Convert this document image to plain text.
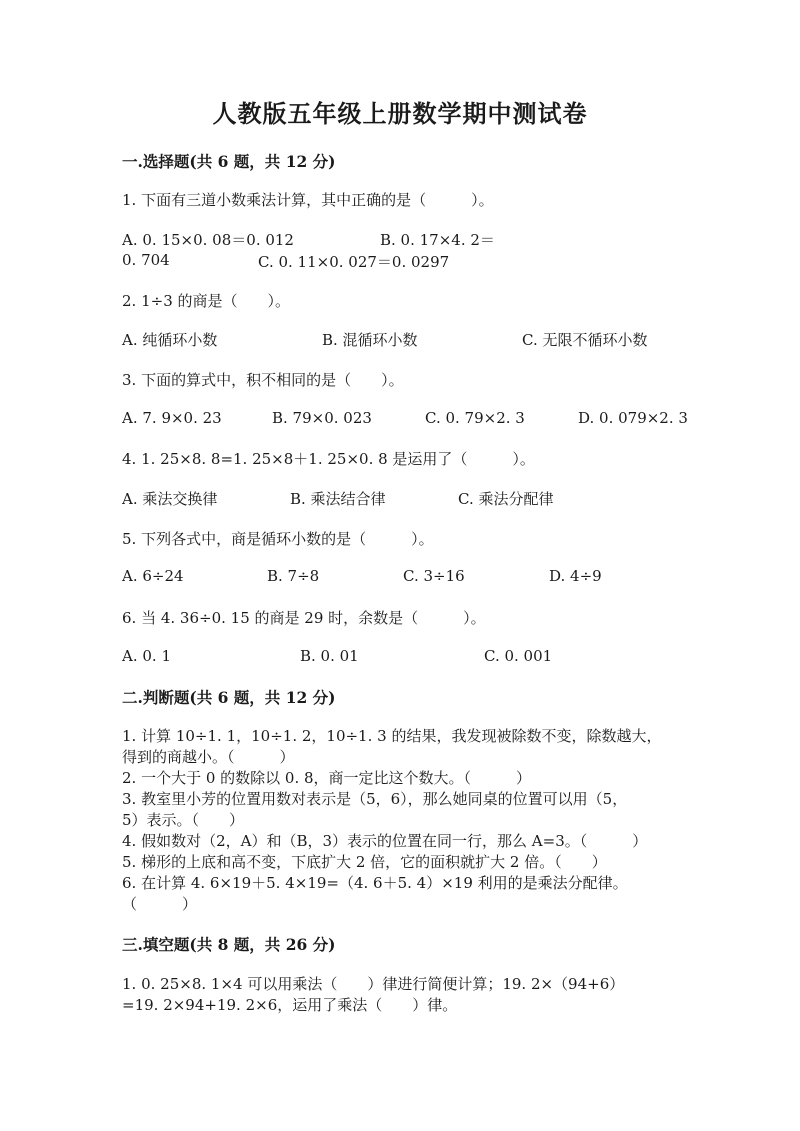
人教版五年级上册数学期中测试卷
一.选择题(共 6 题，共 12 分)
1. 下面有三道小数乘法计算，其中正确的是（　　　）。
A. 0. 15×0. 08＝0. 012	B. 0. 17×4. 2＝
0. 704	C. 0. 11×0. 027＝0. 0297
2. 1÷3 的商是（　　）。
A. 纯循环小数	B. 混循环小数	C. 无限不循环小数
3. 下面的算式中，积不相同的是（　　）。
A. 7. 9×0. 23	B. 79×0. 023	C. 0. 79×2. 3	D. 0. 079×2. 3
4. 1. 25×8. 8=1. 25×8＋1. 25×0. 8 是运用了（　　　）。
A. 乘法交换律	B. 乘法结合律	C. 乘法分配律
5. 下列各式中，商是循环小数的是（　　　）。
A. 6÷24	B. 7÷8	C. 3÷16	D. 4÷9
6. 当 4. 36÷0. 15 的商是 29 时，余数是（　　　）。
A. 0. 1	B. 0. 01	C. 0. 001
二.判断题(共 6 题，共 12 分)
1. 计算 10÷1. 1，10÷1. 2，10÷1. 3 的结果，我发现被除数不变，除数越大，
得到的商越小。（　　　）
2. 一个大于 0 的数除以 0. 8，商一定比这个数大。（　　　）
3. 教室里小芳的位置用数对表示是（5，6），那么她同桌的位置可以用（5，
5）表示。（　　）
4. 假如数对（2，A）和（B，3）表示的位置在同一行，那么 A=3。（　　　）
5. 梯形的上底和高不变，下底扩大 2 倍，它的面积就扩大 2 倍。（　　）
6. 在计算 4. 6×19＋5. 4×19=（4. 6＋5. 4）×19 利用的是乘法分配律。
（　　　）
三.填空题(共 8 题，共 26 分)
1. 0. 25×8. 1×4 可以用乘法（　　）律进行简便计算；19. 2×（94+6）
=19. 2×94+19. 2×6，运用了乘法（　　）律。
